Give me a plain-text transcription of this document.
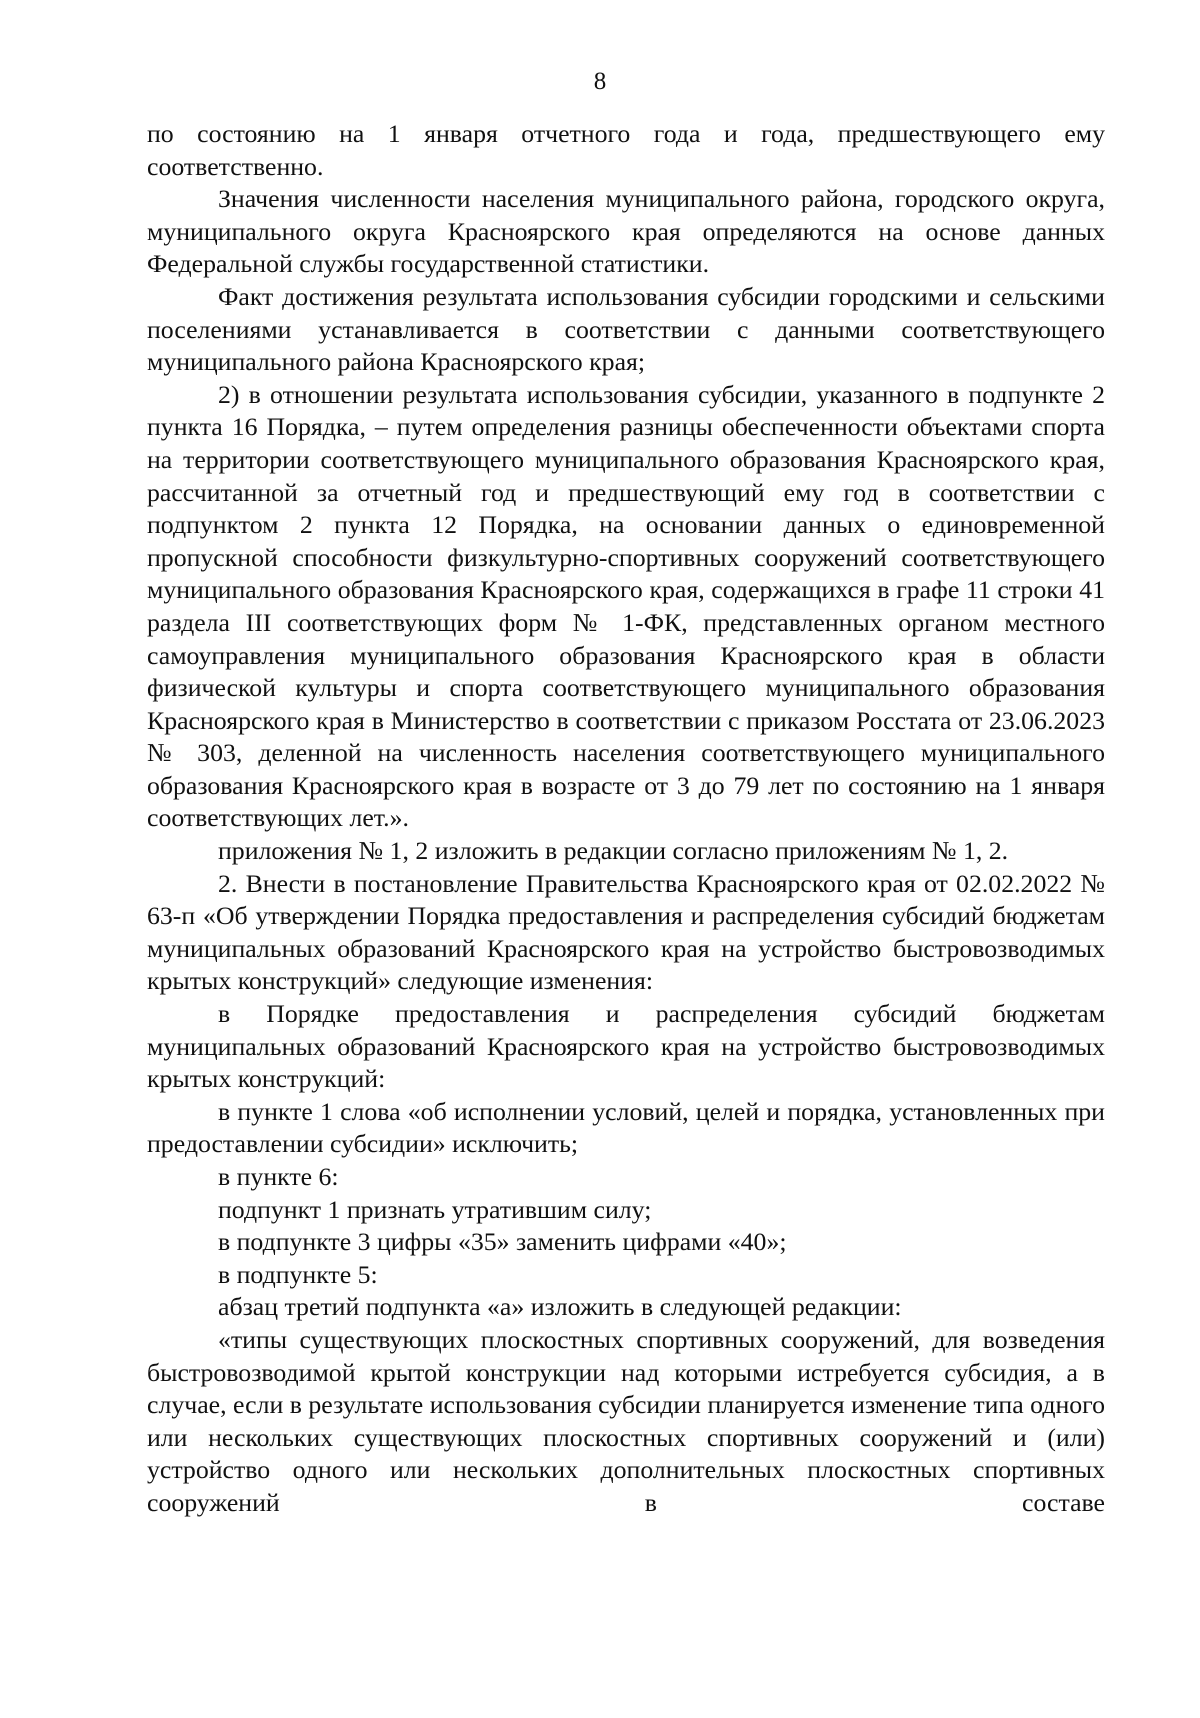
8

по состоянию на 1 января отчетного года и года, предшествующего ему соответственно.

Значения численности населения муниципального района, городского округа, муниципального округа Красноярского края определяются на основе данных Федеральной службы государственной статистики.

Факт достижения результата использования субсидии городскими и сельскими поселениями устанавливается в соответствии с данными соответствующего муниципального района Красноярского края;

2) в отношении результата использования субсидии, указанного в подпункте 2 пункта 16 Порядка, – путем определения разницы обеспеченности объектами спорта на территории соответствующего муниципального образования Красноярского края, рассчитанной за отчетный год и предшествующий ему год в соответствии с подпунктом 2 пункта 12 Порядка, на основании данных о единовременной пропускной способности физкультурно-спортивных сооружений соответствующего муниципального образования Красноярского края, содержащихся в графе 11 строки 41 раздела III соответствующих форм № 1-ФК, представленных органом местного самоуправления муниципального образования Красноярского края в области физической культуры и спорта соответствующего муниципального образования Красноярского края в Министерство в соответствии с приказом Росстата от 23.06.2023 № 303, деленной на численность населения соответствующего муниципального образования Красноярского края в возрасте от 3 до 79 лет по состоянию на 1 января соответствующих лет.».

приложения № 1, 2 изложить в редакции согласно приложениям № 1, 2.

2. Внести в постановление Правительства Красноярского края от 02.02.2022 № 63-п «Об утверждении Порядка предоставления и распределения субсидий бюджетам муниципальных образований Красноярского края на устройство быстровозводимых крытых конструкций» следующие изменения:

в Порядке предоставления и распределения субсидий бюджетам муниципальных образований Красноярского края на устройство быстровозводимых крытых конструкций:

в пункте 1 слова «об исполнении условий, целей и порядка, установленных при предоставлении субсидии» исключить;

в пункте 6:

подпункт 1 признать утратившим силу;

в подпункте 3 цифры «35» заменить цифрами «40»;

в подпункте 5:

абзац третий подпункта «а» изложить в следующей редакции:

«типы существующих плоскостных спортивных сооружений, для возведения быстровозводимой крытой конструкции над которыми истребуется субсидия, а в случае, если в результате использования субсидии планируется изменение типа одного или нескольких существующих плоскостных спортивных сооружений и (или) устройство одного или нескольких дополнительных плоскостных спортивных сооружений в составе
